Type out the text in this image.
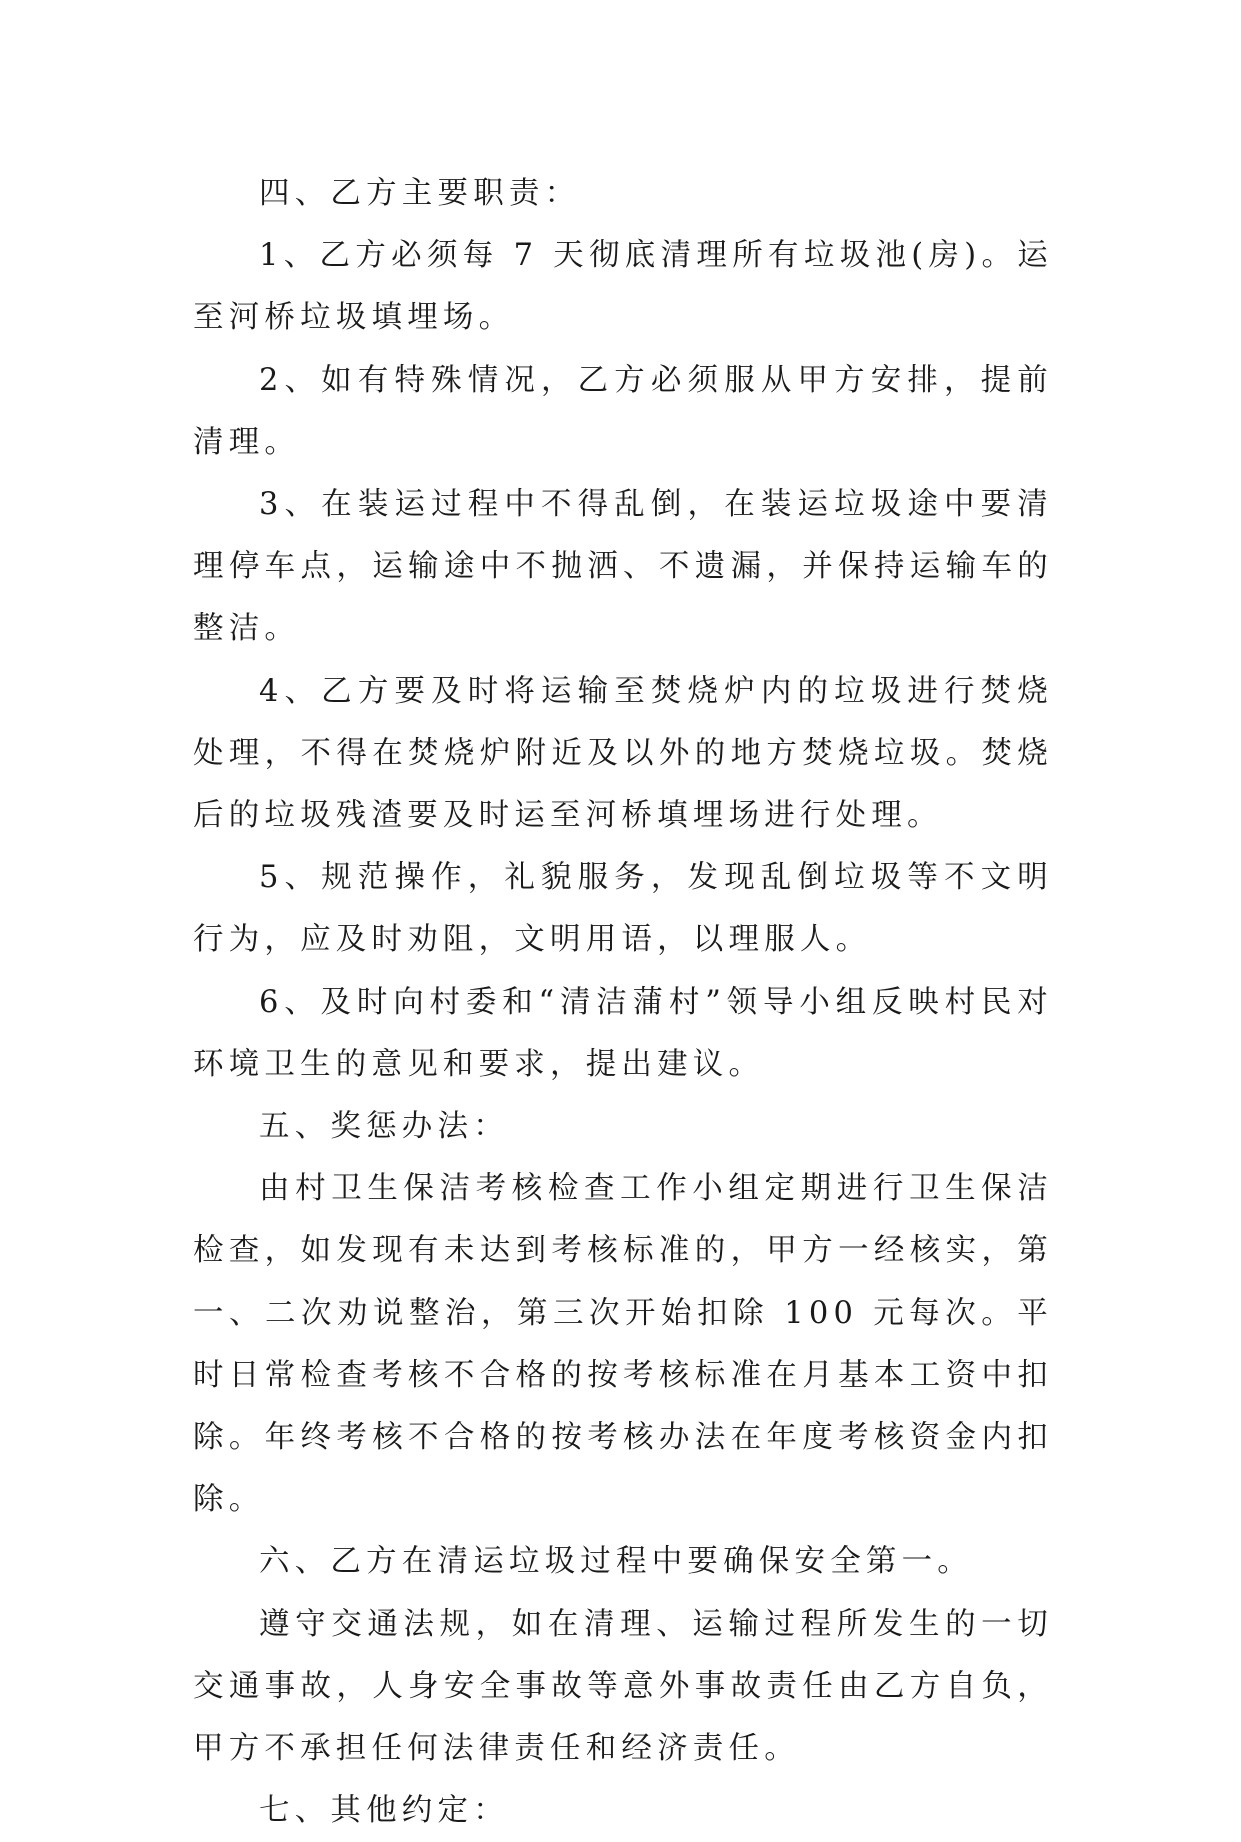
四、乙方主要职责：

1、乙方必须每 7 天彻底清理所有垃圾池(房)。运至河桥垃圾填埋场。

2、如有特殊情况，乙方必须服从甲方安排，提前清理。

3、在装运过程中不得乱倒，在装运垃圾途中要清理停车点，运输途中不抛洒、不遗漏，并保持运输车的整洁。

4、乙方要及时将运输至焚烧炉内的垃圾进行焚烧处理，不得在焚烧炉附近及以外的地方焚烧垃圾。焚烧后的垃圾残渣要及时运至河桥填埋场进行处理。

5、规范操作，礼貌服务，发现乱倒垃圾等不文明行为，应及时劝阻，文明用语，以理服人。

6、及时向村委和“清洁蒲村”领导小组反映村民对环境卫生的意见和要求，提出建议。

五、奖惩办法：

由村卫生保洁考核检查工作小组定期进行卫生保洁检查，如发现有未达到考核标准的，甲方一经核实，第一、二次劝说整治，第三次开始扣除 100 元每次。平时日常检查考核不合格的按考核标准在月基本工资中扣除。年终考核不合格的按考核办法在年度考核资金内扣除。

六、乙方在清运垃圾过程中要确保安全第一。

遵守交通法规，如在清理、运输过程所发生的一切交通事故，人身安全事故等意外事故责任由乙方自负，甲方不承担任何法律责任和经济责任。

七、其他约定：
